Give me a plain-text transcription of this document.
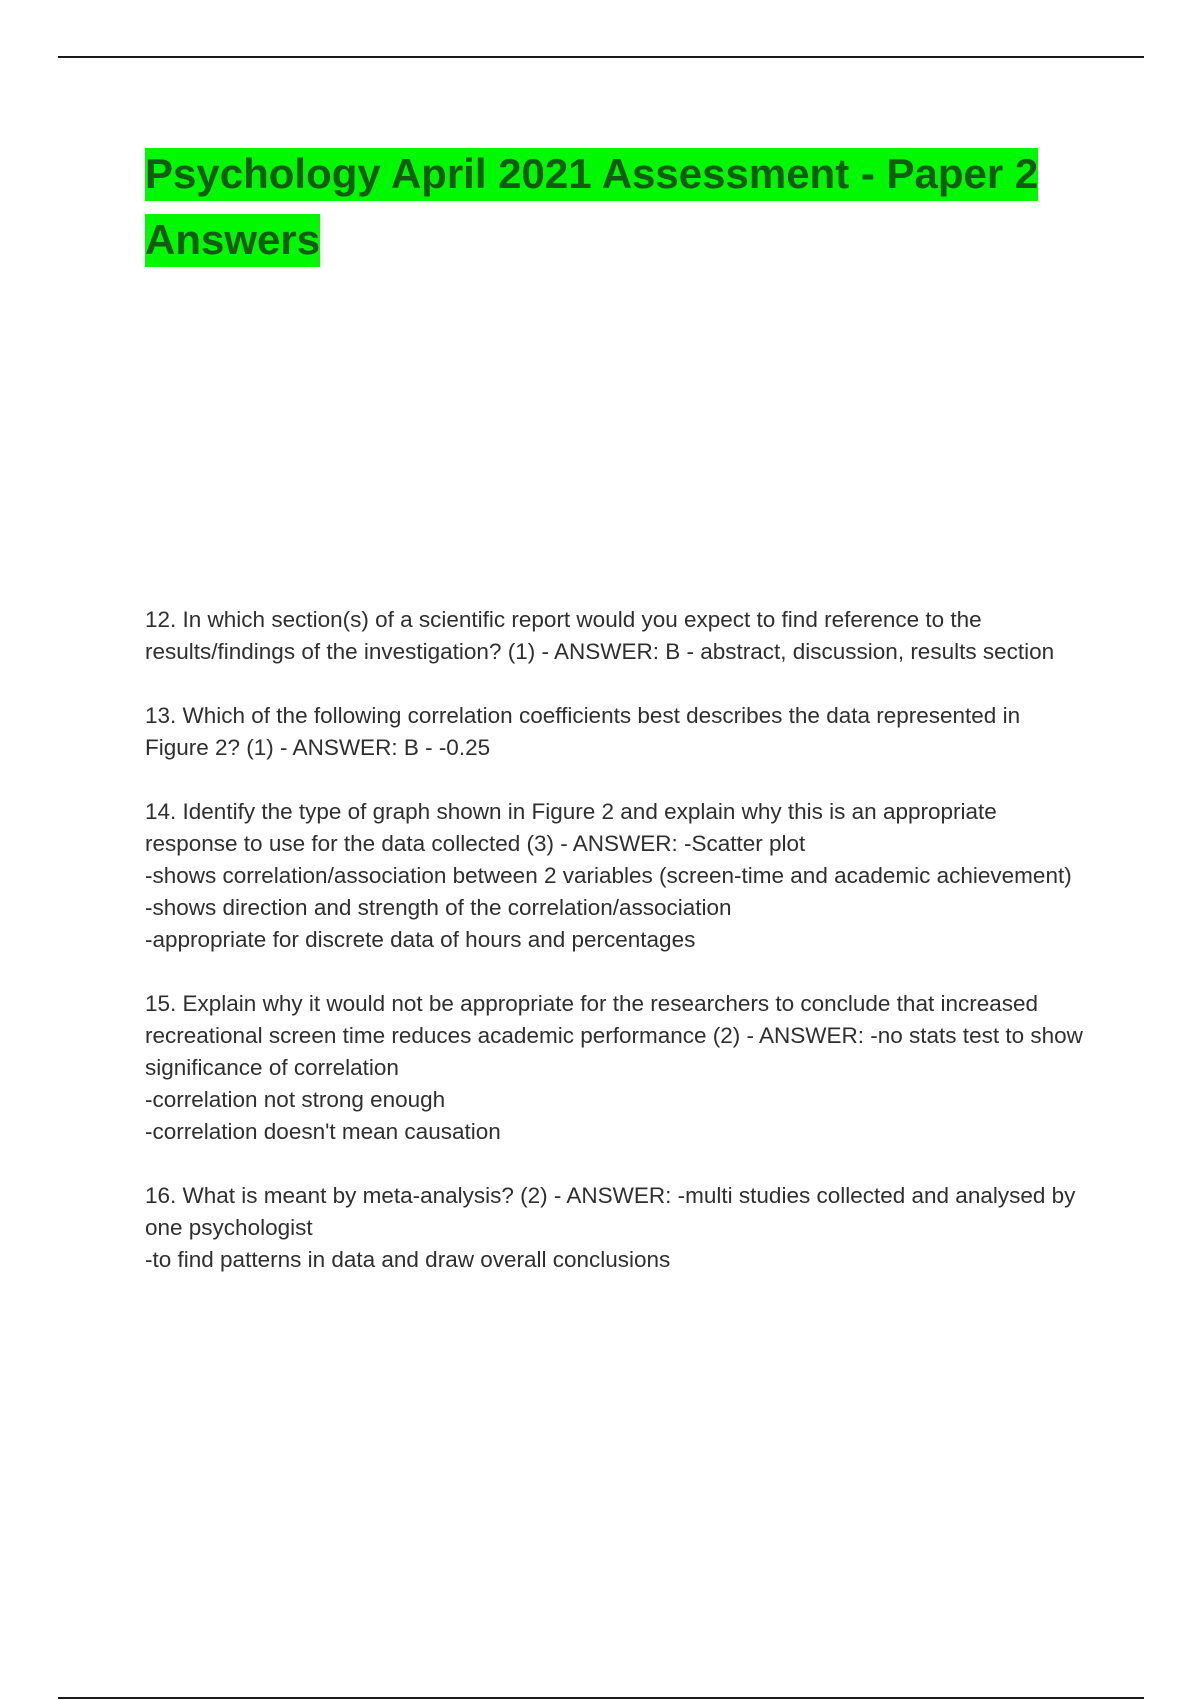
Psychology April 2021 Assessment - Paper 2 Answers

12. In which section(s) of a scientific report would you expect to find reference to the results/findings of the investigation? (1) - ANSWER: B - abstract, discussion, results section

13. Which of the following correlation coefficients best describes the data represented in Figure 2? (1) - ANSWER: B - -0.25

14. Identify the type of graph shown in Figure 2 and explain why this is an appropriate response to use for the data collected (3) - ANSWER: -Scatter plot
-shows correlation/association between 2 variables (screen-time and academic achievement)
-shows direction and strength of the correlation/association
-appropriate for discrete data of hours and percentages

15. Explain why it would not be appropriate for the researchers to conclude that increased recreational screen time reduces academic performance (2) - ANSWER: -no stats test to show significance of correlation
-correlation not strong enough
-correlation doesn't mean causation

16. What is meant by meta-analysis? (2) - ANSWER: -multi studies collected and analysed by one psychologist
-to find patterns in data and draw overall conclusions
